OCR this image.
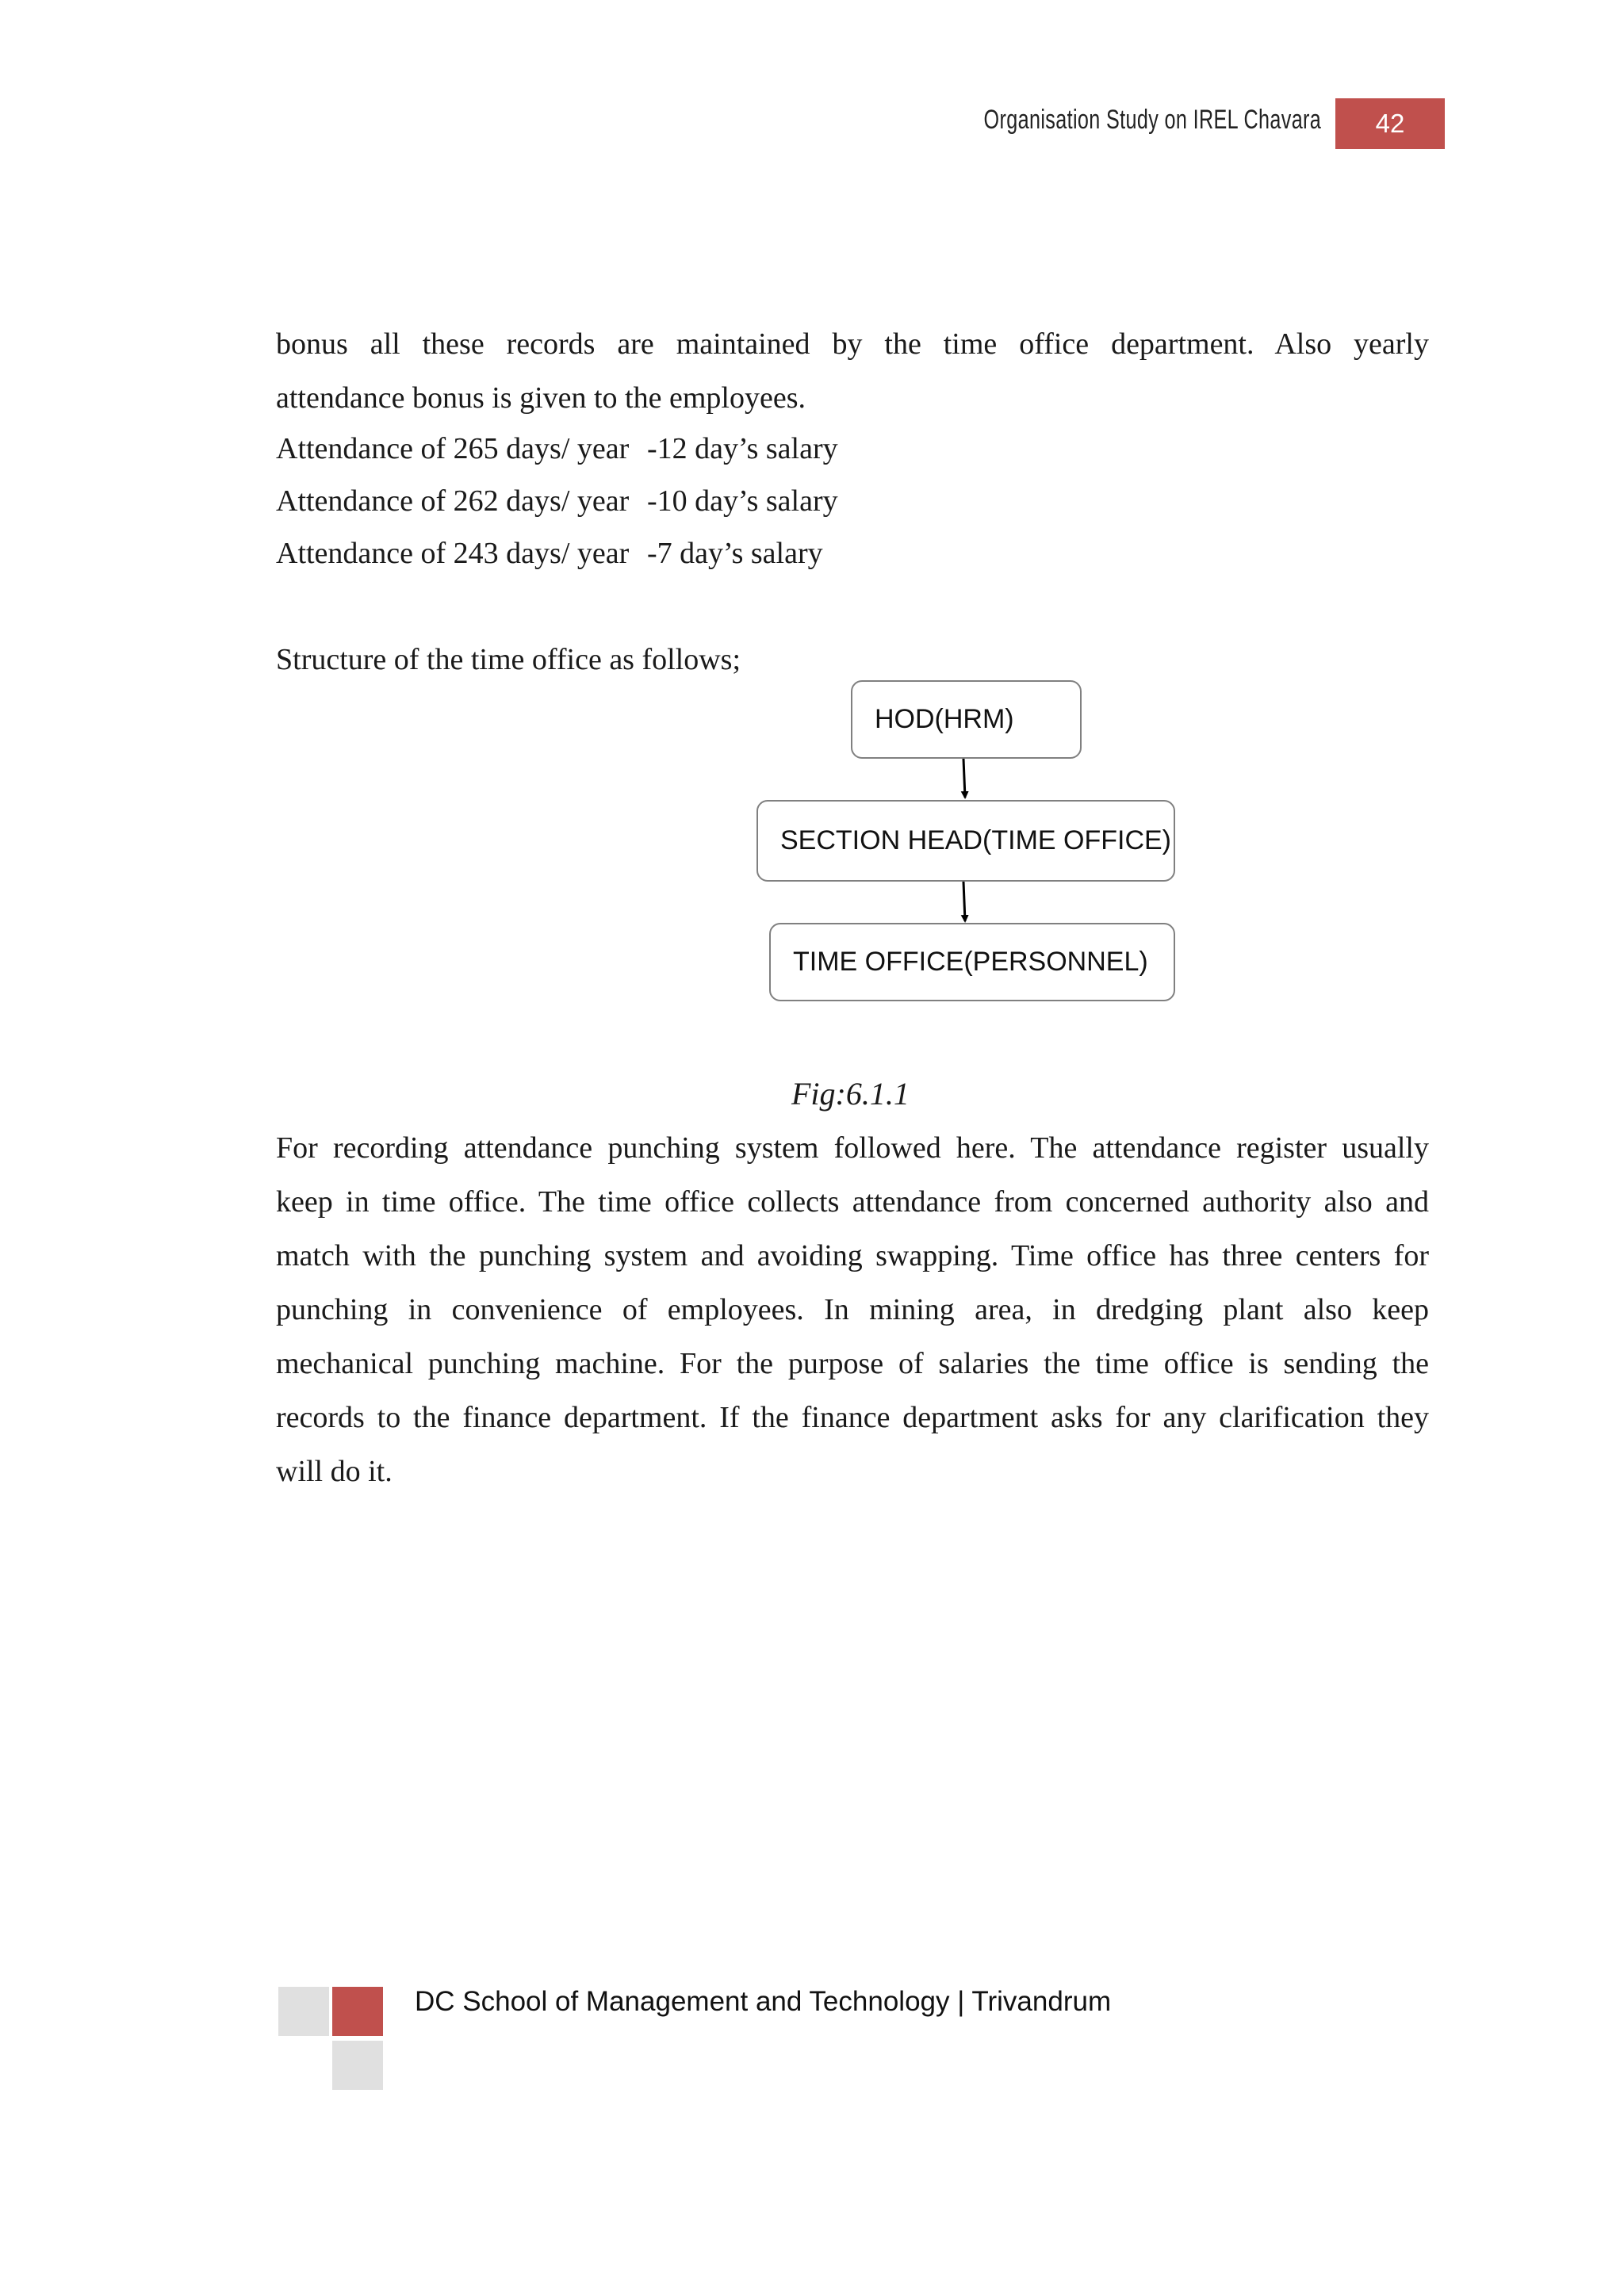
Organisation Study on IREL Chavara	42
bonus all these records are maintained by the time office department. Also yearly
attendance bonus is given to the employees.
Attendance of 265 days/ year -12 day’s salary
Attendance of 262 days/ year -10 day’s salary
Attendance of 243 days/ year -7 day’s salary
Structure of the time office as follows;
HOD(HRM)
SECTION HEAD(TIME OFFICE)
TIME OFFICE(PERSONNEL)
Fig:6.1.1
For recording attendance punching system followed here. The attendance register usually
keep in time office. The time office collects attendance from concerned authority also and
match with the punching system and avoiding swapping. Time office has three centers for
punching in convenience of employees. In mining area, in dredging plant also keep
mechanical punching machine. For the purpose of salaries the time office is sending the
records to the finance department. If the finance department asks for any clarification they
will do it.
DC School of Management and Technology | Trivandrum
